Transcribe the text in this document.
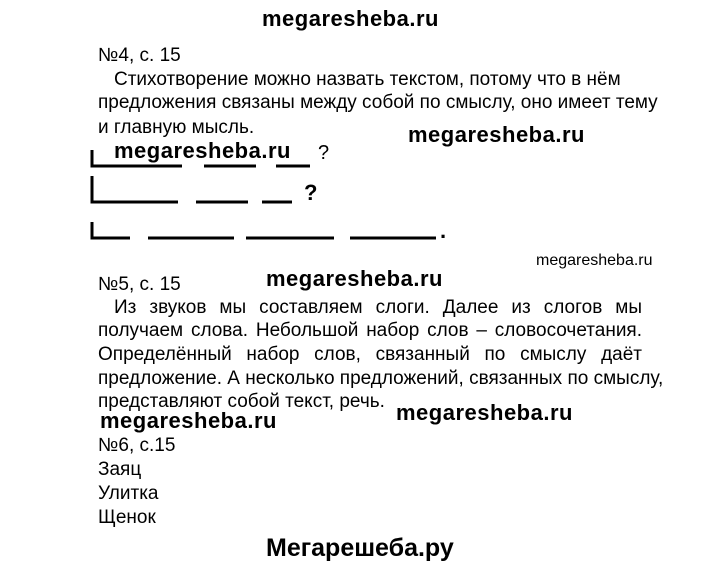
megaresheba.ru
№4, с. 15
Стихотворение можно назвать текстом, потому что в нём
предложения связаны между собой по смыслу, оно имеет тему
и главную мысль.	megaresheba.ru
megaresheba.ru ?
?
.
megaresheba.ru
№5, с. 15	megaresheba.ru
Из звуков мы составляем слоги. Далее из слогов мы
получаем слова. Небольшой набор слов – словосочетания.
Определённый набор слов, связанный по смыслу даёт
предложение. А несколько предложений, связанных по смыслу,
представляют собой текст, речь.
megaresheba.ru	megaresheba.ru
№6, с.15
Заяц
Улитка
Щенок
Мегарешеба.ру
